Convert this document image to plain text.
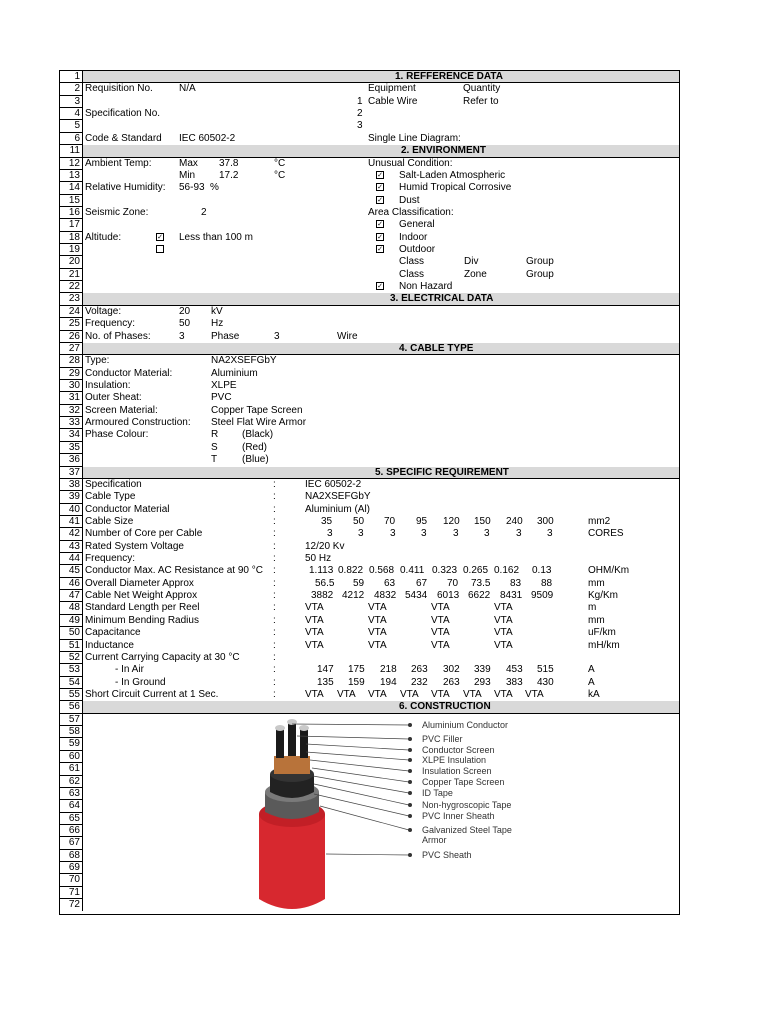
1	1. REFFERENCE DATA
2 Requisition No.	N/A	Equipment	Quantity
3	1 Cable Wire	Refer to
4 Specification No.	2
5	3
6 Code & Standard IEC 60502-2	Single Line Diagram:
11	2. ENVIRONMENT
12 Ambient Temp:	Max 37.8	°C	Unusual Condition:
13	Min 17.2	°C	✓ Salt-Laden Atmospheric
14 Relative Humidity: 56-93 %	✓ Humid Tropical Corrosive
15	✓ Dust
16 Seismic Zone:	2	Area Classification:
17	✓ General
18 Altitude:	✓ Less than 100 m	✓ Indoor
19	✓ Outdoor
20	Class	Div	Group
21	Class	Zone	Group
22	✓ Non Hazard
23	3. ELECTRICAL DATA
24 Voltage:	20 kV
25 Frequency:	50 Hz
26 No. of Phases:	3	Phase	3	Wire
27	4. CABLE TYPE
28 Type:	NA2XSEFGbY
29 Conductor Material:	Aluminium
30 Insulation:	XLPE
31 Outer Sheat:	PVC
32 Screen Material:	Copper Tape Screen
33 Armoured Construction: Steel Flat Wire Armor
34 Phase Colour:	R (Black)
35	S (Red)
36	T (Blue)
37	5. SPECIFIC REQUIREMENT
38 Specification	:	IEC 60502-2
39 Cable Type	:	NA2XSEFGbY
40 Conductor Material	:	Aluminium (Al)
41 Cable Size	:	35 50 70 95 120 150 240 300	mm2
42 Number of Core per Cable	:	3	3	3	3	3	3	3	3	CORES
43 Rated System Voltage	:	12/20 Kv
44 Frequency:	:	50 Hz
45 Conductor Max. AC Resistance at 90 °C :	1.113 0.822 0.568 0.411 0.323 0.265 0.162 0.13	OHM/Km
46 Overall Diameter Approx	:	56.5 59 63 67 70 73.5 83 88	mm
47 Cable Net Weight Approx	:	3882 4212 4832 5434 6013 6622 8431 9509	Kg/Km
48 Standard Length per Reel	:	VTA	VTA	VTA	VTA	m
49 Minimum Bending Radius	:	VTA	VTA	VTA	VTA	mm
50 Capacitance	:	VTA	VTA	VTA	VTA	uF/km
51 Inductance	:	VTA	VTA	VTA	VTA	mH/km
52 Current Carrying Capacity at 30 °C	:
53	- In Air	:	147 175 218 263 302 339 453 515	A
54	- In Ground	:	135 159 194 232 263 293 383 430	A
55 Short Circuit Current at 1 Sec.	:	VTA VTA VTA VTA VTA VTA VTA VTA	kA
56	6. CONSTRUCTION
57
58
59
60
61
62
63
64
65
66
67
68
69
70
71
72
Aluminium Conductor
PVC Filler
Conductor Screen
XLPE Insulation
Insulation Screen
Copper Tape Screen
ID Tape
Non-hygroscopic Tape
PVC Inner Sheath
Galvanized Steel Tape
Armor
PVC Sheath
